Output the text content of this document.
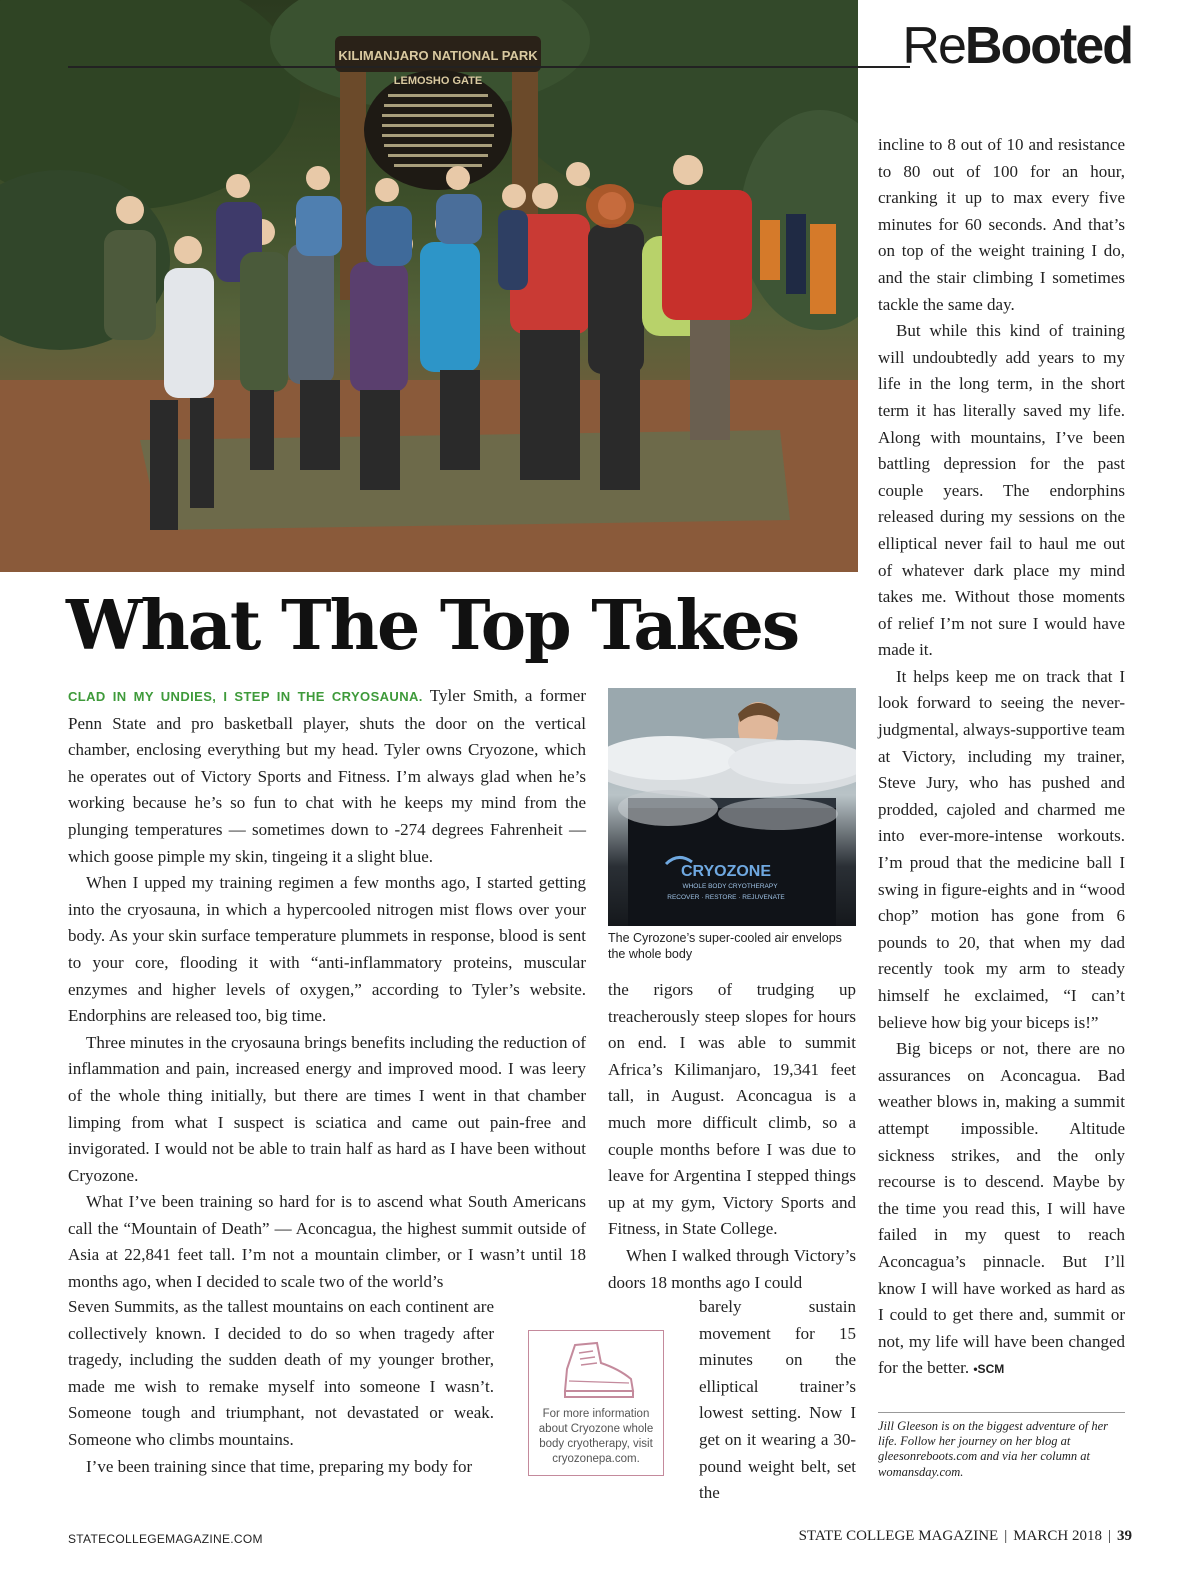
KILIMANJARO NATIONAL PARK
LEMOSHO GATE
ReBooted
What The Top Takes

CLAD IN MY UNDIES, I STEP IN THE CRYOSAUNA. Tyler Smith, a former Penn State and pro basketball player, shuts the door on the vertical chamber, enclosing everything but my head. Tyler owns Cryozone, which he operates out of Victory Sports and Fitness. I’m always glad when he’s working because he’s so fun to chat with he keeps my mind from the plunging temperatures — sometimes down to -274 degrees Fahrenheit — which goose pimple my skin, tingeing it a slight blue.

When I upped my training regimen a few months ago, I started getting into the cryosauna, in which a hypercooled nitrogen mist flows over your body. As your skin surface temperature plummets in response, blood is sent to your core, flooding it with “anti-inflammatory proteins, muscular enzymes and higher levels of oxygen,” according to Tyler’s website. Endorphins are released too, big time.

Three minutes in the cryosauna brings benefits including the reduction of inflammation and pain, increased energy and improved mood. I was leery of the whole thing initially, but there are times I went in that chamber limping from what I suspect is sciatica and came out pain-free and invigorated. I would not be able to train half as hard as I have been without Cryozone.

What I’ve been training so hard for is to ascend what South Americans call the “Mountain of Death” — Aconcagua, the highest summit outside of Asia at 22,841 feet tall. I’m not a mountain climber, or I wasn’t until 18 months ago, when I decided to scale two of the world’s

Seven Summits, as the tallest mountains on each continent are collectively known. I decided to do so when tragedy after tragedy, including the sudden death of my younger brother, made me wish to remake myself into someone I wasn’t. Someone tough and triumphant, not devastated or weak. Someone who climbs mountains.

I’ve been training since that time, preparing my body for

CRYOZONE
WHOLE BODY CRYOTHERAPY
RECOVER · RESTORE · REJUVENATE
The Cyrozone’s super-cooled air envelops the whole body

the rigors of trudging up treacherously steep slopes for hours on end. I was able to summit Africa’s Kilimanjaro, 19,341 feet tall, in August. Aconcagua is a much more difficult climb, so a couple months before I was due to leave for Argentina I stepped things up at my gym, Victory Sports and Fitness, in State College.

When I walked through Victory’s doors 18 months ago I could

barely sustain movement for 15 minutes on the elliptical trainer’s lowest setting. Now I get on it wearing a 30-pound weight belt, set the

For more information about Cryozone whole body cryotherapy, visit cryozonepa.com.

incline to 8 out of 10 and resistance to 80 out of 100 for an hour, cranking it up to max every five minutes for 60 seconds. And that’s on top of the weight training I do, and the stair climbing I sometimes tackle the same day.

But while this kind of training will undoubtedly add years to my life in the long term, in the short term it has literally saved my life. Along with mountains, I’ve been battling depression for the past couple years. The endorphins released during my sessions on the elliptical never fail to haul me out of whatever dark place my mind takes me. Without those moments of relief I’m not sure I would have made it.

It helps keep me on track that I look forward to seeing the never-judgmental, always-supportive team at Victory, including my trainer, Steve Jury, who has pushed and prodded, cajoled and charmed me into ever-more-intense workouts. I’m proud that the medicine ball I swing in figure-eights and in “wood chop” motion has gone from 6 pounds to 20, that when my dad recently took my arm to steady himself he exclaimed, “I can’t believe how big your biceps is!”

Big biceps or not, there are no assurances on Aconcagua. Bad weather blows in, making a summit attempt impossible. Altitude sickness strikes, and the only recourse is to descend. Maybe by the time you read this, I will have failed in my quest to reach Aconcagua’s pinnacle. But I’ll know I will have worked as hard as I could to get there and, summit or not, my life will have been changed for the better. •SCM

Jill Gleeson is on the biggest adventure of her life. Follow her journey on her blog at gleesonreboots.com and via her column at womansday.com.
STATECOLLEGEMAGAZINE.COM	STATE COLLEGE MAGAZINE | MARCH 2018 | 39
